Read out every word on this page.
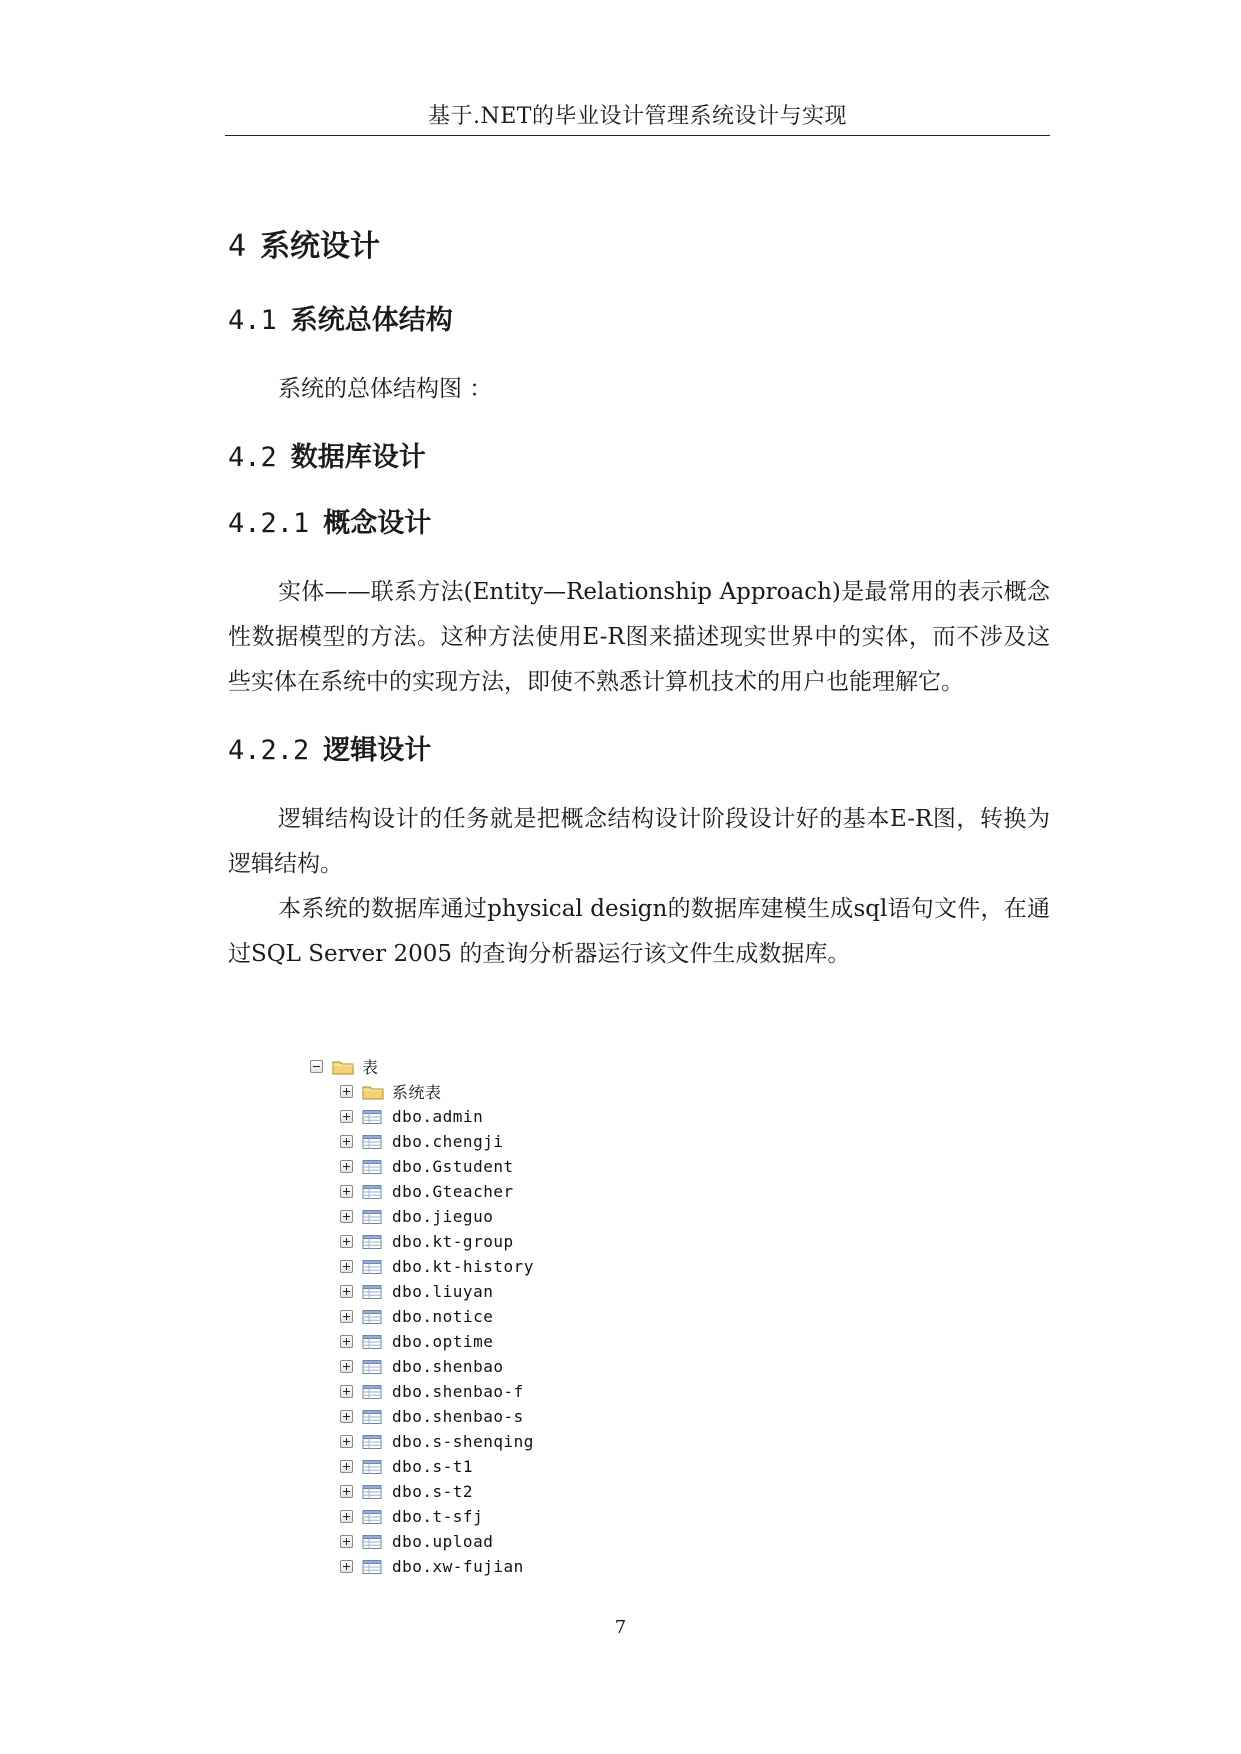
基于.NET的毕业设计管理系统设计与实现
4 系统设计
4.1 系统总体结构

系统的总体结构图 ：

4.2 数据库设计
4.2.1 概念设计

实体——联系方法(Entity—Relationship Approach)是最常用的表示概念性数据模型的方法。这种方法使用E-R图来描述现实世界中的实体，而不涉及这些实体在系统中的实现方法，即使不熟悉计算机技术的用户也能理解它。

4.2.2 逻辑设计

逻辑结构设计的任务就是把概念结构设计阶段设计好的基本E-R图，转换为逻辑结构。

本系统的数据库通过physical design的数据库建模生成sql语句文件，在通过SQL Server 2005 的查询分析器运行该文件生成数据库。

表
系统表
dbo.admin
dbo.chengji
dbo.Gstudent
dbo.Gteacher
dbo.jieguo
dbo.kt-group
dbo.kt-history
dbo.liuyan
dbo.notice
dbo.optime
dbo.shenbao
dbo.shenbao-f
dbo.shenbao-s
dbo.s-shenqing
dbo.s-t1
dbo.s-t2
dbo.t-sfj
dbo.upload
dbo.xw-fujian
7
